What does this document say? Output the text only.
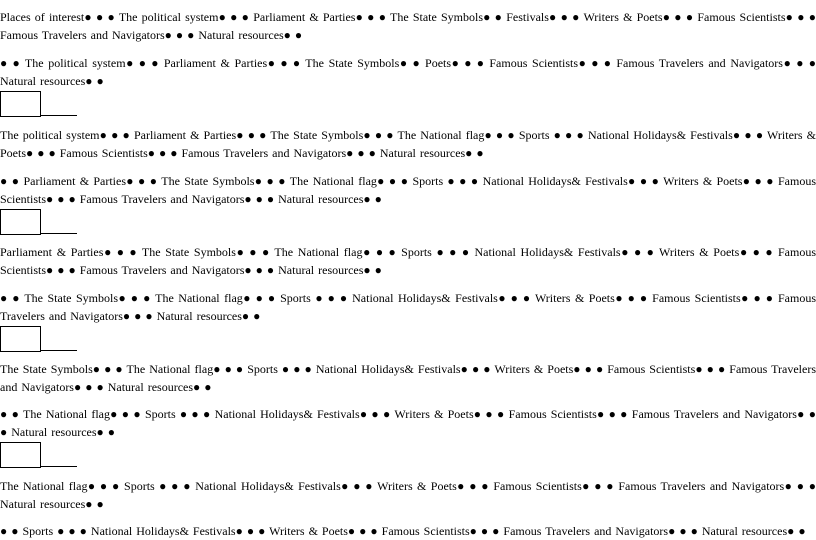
Places of interest● ● ● The political system● ● ● Parliament & Parties● ● ● The State Symbols● ● Festivals● ● ● Writers & Poets● ● ● Famous Scientists● ● ● Famous Travelers and Navigators● ● ● Natural resources● ●

● ● The political system● ● ● Parliament & Parties● ● ● The State Symbols● ● Poets● ● ● Famous Scientists● ● ● Famous Travelers and Navigators● ● ● Natural resources● ●

The political system● ● ● Parliament & Parties● ● ● The State Symbols● ● ● The National flag● ● ● Sports ● ● ● National Holidays& Festivals● ● ● Writers & Poets● ● ● Famous Scientists● ● ● Famous Travelers and Navigators● ● ● Natural resources● ●

● ● Parliament & Parties● ● ● The State Symbols● ● ● The National flag● ● ● Sports ● ● ● National Holidays& Festivals● ● ● Writers & Poets● ● ● Famous Scientists● ● ● Famous Travelers and Navigators● ● ● Natural resources● ●

Parliament & Parties● ● ● The State Symbols● ● ● The National flag● ● ● Sports ● ● ● National Holidays& Festivals● ● ● Writers & Poets● ● ● Famous Scientists● ● ● Famous Travelers and Navigators● ● ● Natural resources● ●

● ● The State Symbols● ● ● The National flag● ● ● Sports ● ● ● National Holidays& Festivals● ● ● Writers & Poets● ● ● Famous Scientists● ● ● Famous Travelers and Navigators● ● ● Natural resources● ●

The State Symbols● ● ● The National flag● ● ● Sports ● ● ● National Holidays& Festivals● ● ● Writers & Poets● ● ● Famous Scientists● ● ● Famous Travelers and Navigators● ● ● Natural resources● ●

● ● The National flag● ● ● Sports ● ● ● National Holidays& Festivals● ● ● Writers & Poets● ● ● Famous Scientists● ● ● Famous Travelers and Navigators● ● ● Natural resources● ●

The National flag● ● ● Sports ● ● ● National Holidays& Festivals● ● ● Writers & Poets● ● ● Famous Scientists● ● ● Famous Travelers and Navigators● ● ● Natural resources● ●

● ● Sports ● ● ● National Holidays& Festivals● ● ● Writers & Poets● ● ● Famous Scientists● ● ● Famous Travelers and Navigators● ● ● Natural resources● ●
